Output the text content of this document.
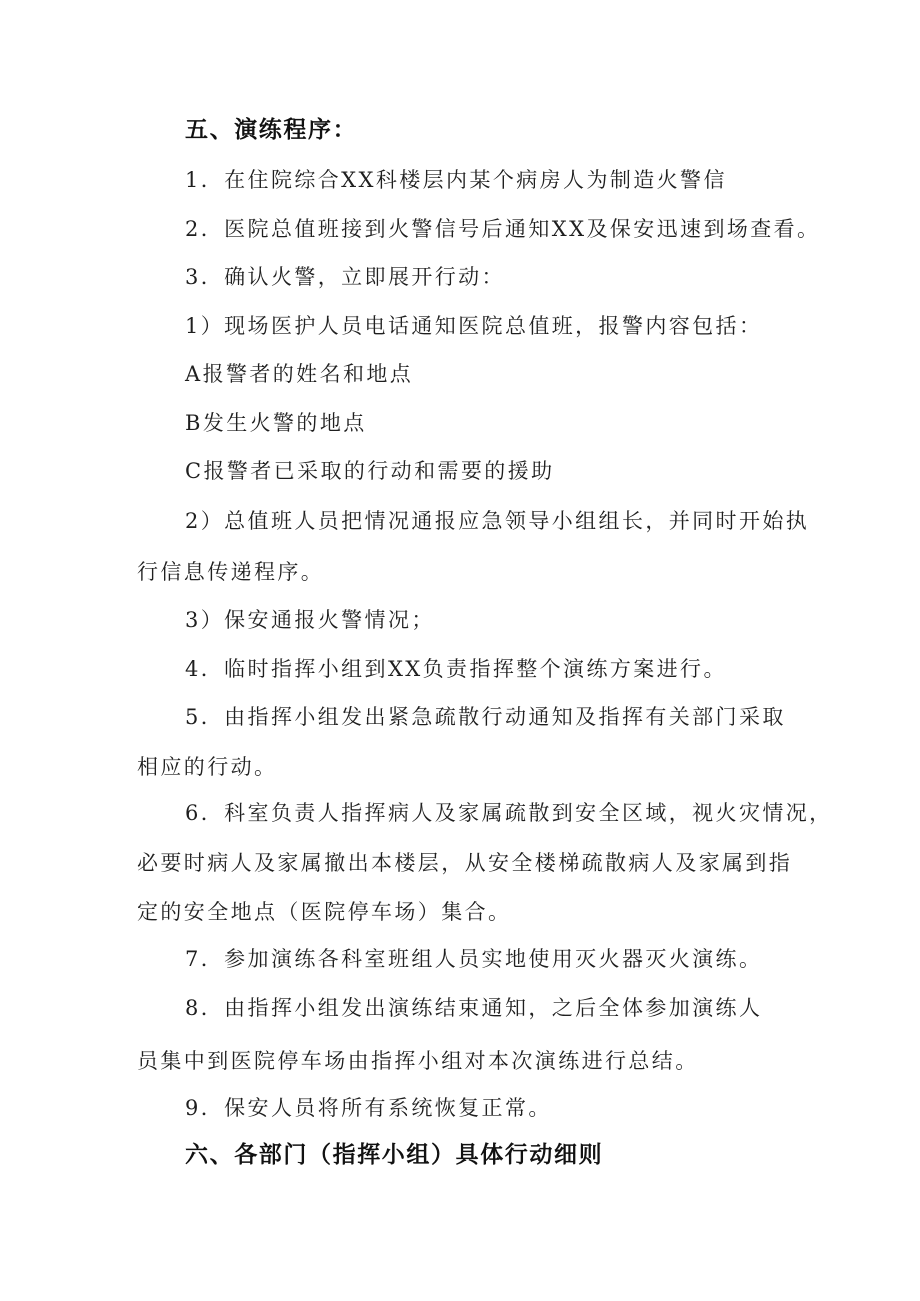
五、演练程序：
1．在住院综合XX科楼层内某个病房人为制造火警信
2．医院总值班接到火警信号后通知XX及保安迅速到场查看。
3．确认火警，立即展开行动：
1）现场医护人员电话通知医院总值班，报警内容包括：
A报警者的姓名和地点
B发生火警的地点
C报警者已采取的行动和需要的援助
2）总值班人员把情况通报应急领导小组组长，并同时开始执
行信息传递程序。
3）保安通报火警情况；
4．临时指挥小组到XX负责指挥整个演练方案进行。
5．由指挥小组发出紧急疏散行动通知及指挥有关部门采取
相应的行动。
6．科室负责人指挥病人及家属疏散到安全区域，视火灾情况，
必要时病人及家属撤出本楼层，从安全楼梯疏散病人及家属到指
定的安全地点（医院停车场）集合。
7．参加演练各科室班组人员实地使用灭火器灭火演练。
8．由指挥小组发出演练结束通知，之后全体参加演练人
员集中到医院停车场由指挥小组对本次演练进行总结。
9．保安人员将所有系统恢复正常。
六、各部门（指挥小组）具体行动细则
